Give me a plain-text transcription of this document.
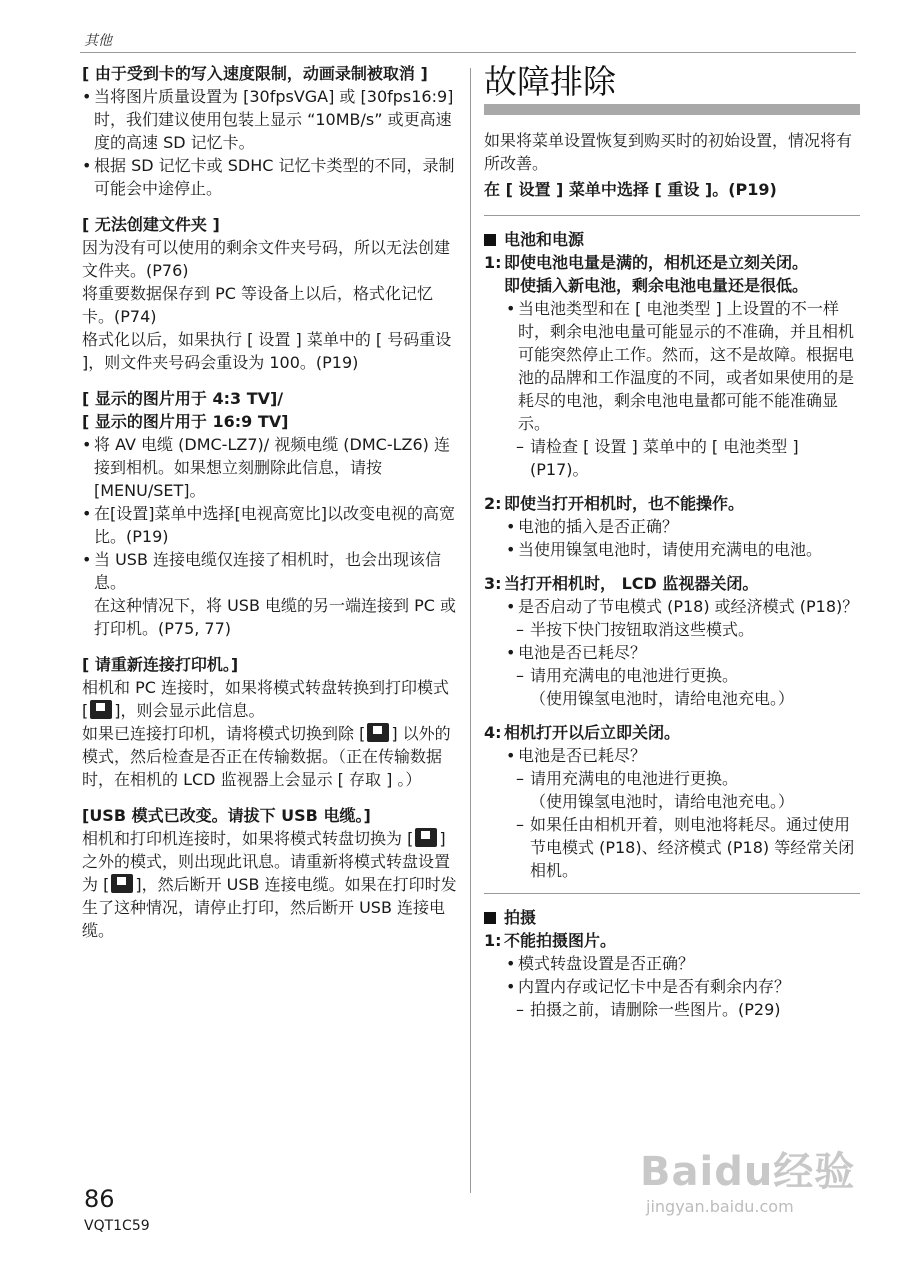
其他
[ 由于受到卡的写入速度限制，动画录制被取消 ]
• 当将图片质量设置为 [30fpsVGA] 或 [30fps16:9] 时，我们建议使用包装上显示 “10MB/s” 或更高速度的高速 SD 记忆卡。
• 根据 SD 记忆卡或 SDHC 记忆卡类型的不同，录制可能会中途停止。
[ 无法创建文件夹 ]

因为没有可以使用的剩余文件夹号码，所以无法创建文件夹。(P76)

将重要数据保存到 PC 等设备上以后，格式化记忆卡。(P74)

格式化以后，如果执行 [ 设置 ] 菜单中的 [ 号码重设 ]，则文件夹号码会重设为 100。(P19)

[ 显示的图片用于 4:3 TV]/
[ 显示的图片用于 16:9 TV]
• 将 AV 电缆 (DMC-LZ7)/ 视频电缆 (DMC-LZ6) 连接到相机。如果想立刻删除此信息，请按 [MENU/SET]。
• 在[设置]菜单中选择[电视高宽比]以改变电视的高宽比。(P19)
• 当 USB 连接电缆仅连接了相机时，也会出现该信息。
在这种情况下，将 USB 电缆的另一端连接到 PC 或打印机。(P75, 77)
[ 请重新连接打印机。]

相机和 PC 连接时，如果将模式转盘转换到打印模式 [ ]，则会显示此信息。

如果已连接打印机，请将模式切换到除 [ ] 以外的模式，然后检查是否正在传输数据。（正在传输数据时，在相机的 LCD 监视器上会显示 [ 存取 ] 。）

[USB 模式已改变。请拔下 USB 电缆。]

相机和打印机连接时，如果将模式转盘切换为 [ ] 之外的模式，则出现此讯息。请重新将模式转盘设置为 [ ]，然后断开 USB 连接电缆。如果在打印时发生了这种情况，请停止打印，然后断开 USB 连接电缆。

故障排除

如果将菜单设置恢复到购买时的初始设置，情况将有所改善。

在 [ 设置 ] 菜单中选择 [ 重设 ]。(P19)

电池和电源
1: 即使电池电量是满的，相机还是立刻关闭。
即使插入新电池，剩余电池电量还是很低。
• 当电池类型和在 [ 电池类型 ] 上设置的不一样时，剩余电池电量可能显示的不准确，并且相机可能突然停止工作。然而，这不是故障。根据电池的品牌和工作温度的不同，或者如果使用的是耗尽的电池，剩余电池电量都可能不能准确显示。
– 请检查 [ 设置 ] 菜单中的 [ 电池类型 ] (P17)。
2: 即使当打开相机时，也不能操作。
• 电池的插入是否正确？
• 当使用镍氢电池时，请使用充满电的电池。
3: 当打开相机时， LCD 监视器关闭。
• 是否启动了节电模式 (P18) 或经济模式 (P18)？
– 半按下快门按钮取消这些模式。
• 电池是否已耗尽？
– 请用充满电的电池进行更换。
（使用镍氢电池时，请给电池充电。）
4: 相机打开以后立即关闭。
• 电池是否已耗尽？
– 请用充满电的电池进行更换。
（使用镍氢电池时，请给电池充电。）
– 如果任由相机开着，则电池将耗尽。通过使用节电模式 (P18)、经济模式 (P18) 等经常关闭相机。
拍摄
1: 不能拍摄图片。
• 模式转盘设置是否正确？
• 内置内存或记忆卡中是否有剩余内存？
– 拍摄之前，请删除一些图片。(P29)
86
VQT1C59
Baidu经验
jingyan.baidu.com
